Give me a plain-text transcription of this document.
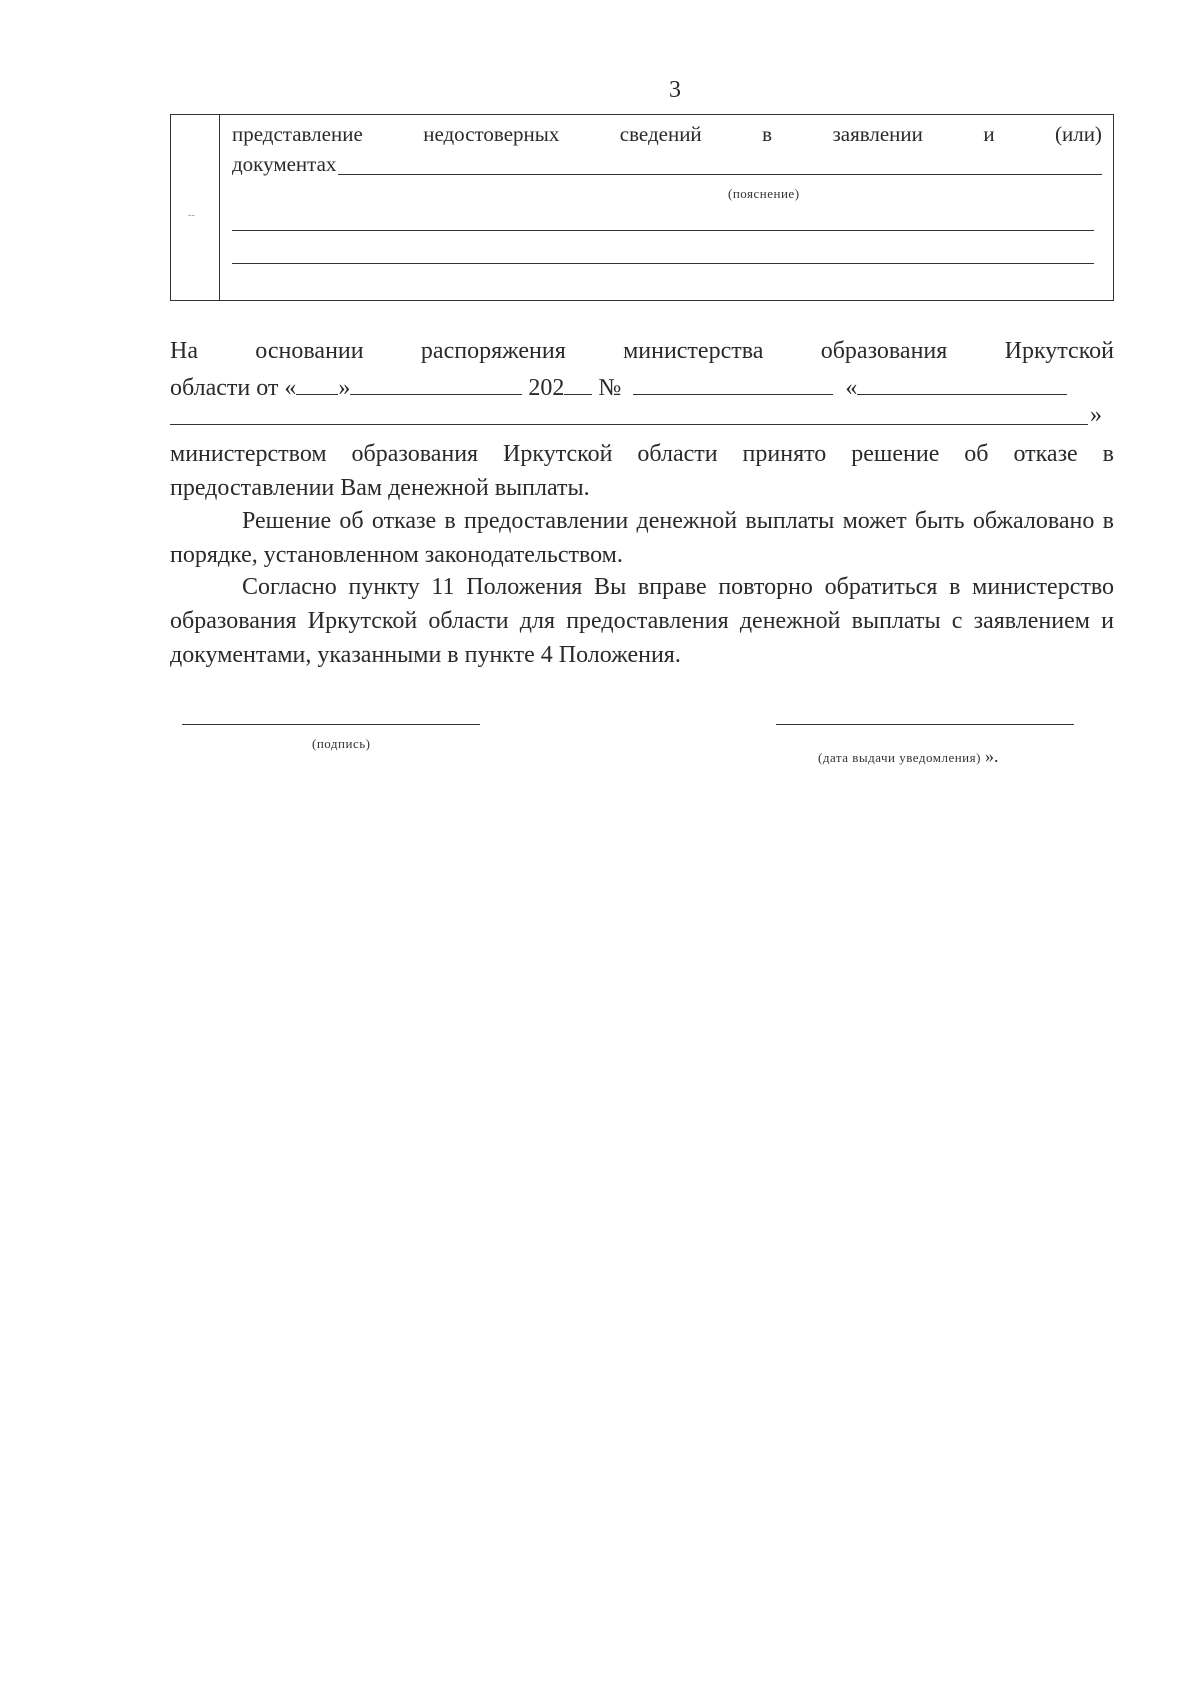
3
--
представление	недостоверных	сведений	в	заявлении	и	(или)
документах
(пояснение)
На основании распоряжения министерства образования Иркутской
области от « »	202 №	«
»
министерством образования Иркутской области принято решение об отказе в предоставлении Вам денежной выплаты.
Решение об отказе в предоставлении денежной выплаты может быть обжаловано в порядке, установленном законодательством.
Согласно пункту 11 Положения Вы вправе повторно обратиться в министерство образования Иркутской области для предоставления денежной выплаты с заявлением и документами, указанными в пункте 4 Положения.
(подпись)
(дата выдачи уведомления) ».
